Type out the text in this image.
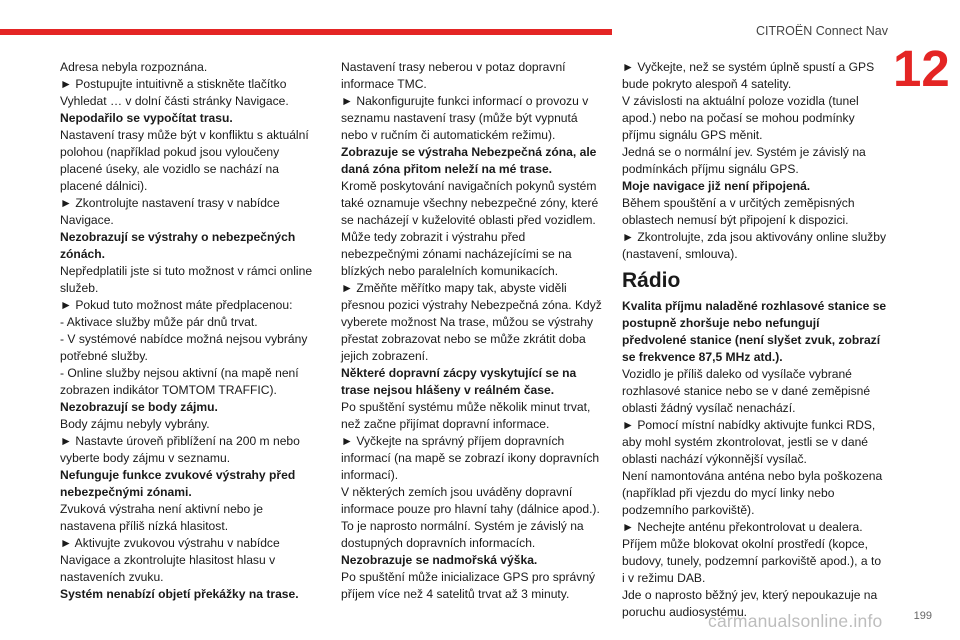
CITROËN Connect Nav
12

Adresa nebyla rozpoznána.

► Postupujte intuitivně a stiskněte tlačítko Vyhledat … v dolní části stránky Navigace.

Nepodařilo se vypočítat trasu.

Nastavení trasy může být v konfliktu s aktuální polohou (například pokud jsou vyloučeny placené úseky, ale vozidlo se nachází na placené dálnici).

► Zkontrolujte nastavení trasy v nabídce Navigace.

Nezobrazují se výstrahy o nebezpečných zónách.

Nepředplatili jste si tuto možnost v rámci online služeb.

► Pokud tuto možnost máte předplacenou:

- Aktivace služby může pár dnů trvat.

- V systémové nabídce možná nejsou vybrány potřebné služby.

- Online služby nejsou aktivní (na mapě není zobrazen indikátor TOMTOM TRAFFIC).

Nezobrazují se body zájmu.

Body zájmu nebyly vybrány.

► Nastavte úroveň přiblížení na 200 m nebo vyberte body zájmu v seznamu.

Nefunguje funkce zvukové výstrahy před nebezpečnými zónami.

Zvuková výstraha není aktivní nebo je nastavena příliš nízká hlasitost.

► Aktivujte zvukovou výstrahu v nabídce Navigace a zkontrolujte hlasitost hlasu v nastaveních zvuku.

Systém nenabízí objetí překážky na trase.

Nastavení trasy neberou v potaz dopravní informace TMC.

► Nakonfigurujte funkci informací o provozu v seznamu nastavení trasy (může být vypnutá nebo v ručním či automatickém režimu).

Zobrazuje se výstraha Nebezpečná zóna, ale daná zóna přitom neleží na mé trase.

Kromě poskytování navigačních pokynů systém také oznamuje všechny nebezpečné zóny, které se nacházejí v kuželovité oblasti před vozidlem. Může tedy zobrazit i výstrahu před nebezpečnými zónami nacházejícími se na blízkých nebo paralelních komunikacích.

► Změňte měřítko mapy tak, abyste viděli přesnou pozici výstrahy Nebezpečná zóna. Když vyberete možnost Na trase, můžou se výstrahy přestat zobrazovat nebo se může zkrátit doba jejich zobrazení.

Některé dopravní zácpy vyskytující se na trase nejsou hlášeny v reálném čase.

Po spuštění systému může několik minut trvat, než začne přijímat dopravní informace.

► Vyčkejte na správný příjem dopravních informací (na mapě se zobrazí ikony dopravních informací).

V některých zemích jsou uváděny dopravní informace pouze pro hlavní tahy (dálnice apod.). To je naprosto normální. Systém je závislý na dostupných dopravních informacích.

Nezobrazuje se nadmořská výška.

Po spuštění může inicializace GPS pro správný příjem více než 4 satelitů trvat až 3 minuty.

► Vyčkejte, než se systém úplně spustí a GPS bude pokryto alespoň 4 satelity.

V závislosti na aktuální poloze vozidla (tunel apod.) nebo na počasí se mohou podmínky příjmu signálu GPS měnit.

Jedná se o normální jev. Systém je závislý na podmínkách příjmu signálu GPS.

Moje navigace již není připojená.

Během spouštění a v určitých zeměpisných oblastech nemusí být připojení k dispozici.

► Zkontrolujte, zda jsou aktivovány online služby (nastavení, smlouva).

Rádio

Kvalita příjmu naladěné rozhlasové stanice se postupně zhoršuje nebo nefungují předvolené stanice (není slyšet zvuk, zobrazí se frekvence 87,5 MHz atd.).

Vozidlo je příliš daleko od vysílače vybrané rozhlasové stanice nebo se v dané zeměpisné oblasti žádný vysílač nenachází.

► Pomocí místní nabídky aktivujte funkci RDS, aby mohl systém zkontrolovat, jestli se v dané oblasti nachází výkonnější vysílač.

Není namontována anténa nebo byla poškozena (například při vjezdu do mycí linky nebo podzemního parkoviště).

► Nechejte anténu překontrolovat u dealera.

Příjem může blokovat okolní prostředí (kopce, budovy, tunely, podzemní parkoviště apod.), a to i v režimu DAB.

Jde o naprosto běžný jev, který nepoukazuje na poruchu audiosystému.

carmanualsonline.info	199
